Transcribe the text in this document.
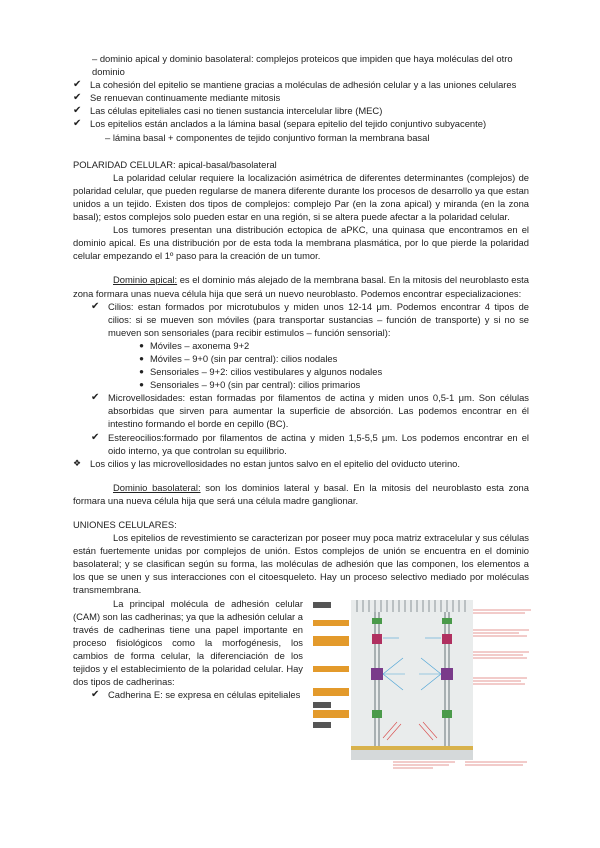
– dominio apical y dominio basolateral: complejos proteicos que impiden que haya moléculas del otro dominio
✔
La cohesión del epitelio se mantiene gracias a moléculas de adhesión celular y a las uniones celulares
✔
Se renuevan continuamente mediante mitosis
✔
Las células epiteliales casi no tienen sustancia intercelular libre (MEC)
✔
Los epitelios están anclados a la lámina basal (separa epitelio del tejido conjuntivo subyacente)
– lámina basal + componentes de tejido conjuntivo forman la membrana basal
POLARIDAD CELULAR: apical-basal/basolateral

La polaridad celular requiere la localización asimétrica de diferentes determinantes (complejos) de polaridad celular, que pueden regularse de manera diferente durante los procesos de desarrollo ya que estan unidos a un tejido. Existen dos tipos de complejos: complejo Par (en la zona apical) y miranda (en la zona basal); estos complejos solo pueden estar en una región, si se altera puede afectar a la polaridad celular.

Los tumores presentan una distribución ectopica de aPKC, una quinasa que encontramos en el dominio apical. Es una distribución por de esta toda la membrana plasmática, por lo que pierde la polaridad celular empezando el 1º paso para la creación de un tumor.

Dominio apical: es el dominio más alejado de la membrana basal. En la mitosis del neuroblasto esta zona formara unas nueva célula hija que será un nuevo neuroblasto. Podemos encontrar especializaciones:

✔
Cilios: estan formados por microtubulos y miden unos 12-14 μm. Podemos encontrar 4 tipos de cilios: si se mueven son móviles (para transportar sustancias – función de transporte) y si no se mueven son sensoriales (para recibir estimulos – función sensorial):
● Móviles – axonema 9+2
● Móviles – 9+0 (sin par central): cilios nodales
● Sensoriales – 9+2: cilios vestibulares y algunos nodales
● Sensoriales – 9+0 (sin par central): cilios primarios
✔
Microvellosidades: estan formadas por filamentos de actina y miden unos 0,5-1 μm. Son células absorbidas que sirven para aumentar la superficie de absorción. Las podemos encontrar en él intestino formando el borde en cepillo (BC).
✔
Estereocilios:formado por filamentos de actina y miden 1,5-5,5 μm. Los podemos encontrar en el oido interno, ya que controlan su equilibrio.
❖
Los cilios y las microvellosidades no estan juntos salvo en el epitelio del oviducto uterino.

Dominio basolateral: son los dominios lateral y basal. En la mitosis del neuroblasto esta zona formara una nueva célula hija que será una célula madre ganglionar.

UNIONES CELULARES:

Los epitelios de revestimiento se caracterizan por poseer muy poca matriz extracelular y sus células están fuertemente unidas por complejos de unión. Estos complejos de unión se encuentra en el dominio basolateral; y se clasifican según su forma, las moléculas de adhesión que las componen, los elementos a los que se unen y sus interacciones con el citoesqueleto. Hay un proceso selectivo mediado por moléculas transmembrana.

La principal molécula de adhesión celular (CAM) son las cadherinas; ya que la adhesión celular a través de cadherinas tiene una papel importante en proceso fisiológicos como la morfogénesis, los cambios de forma celular, la diferenciación de los tejidos y el establecimiento de la polaridad celular. Hay dos tipos de cadherinas:

✔
Cadherina E: se expresa en células epiteliales
